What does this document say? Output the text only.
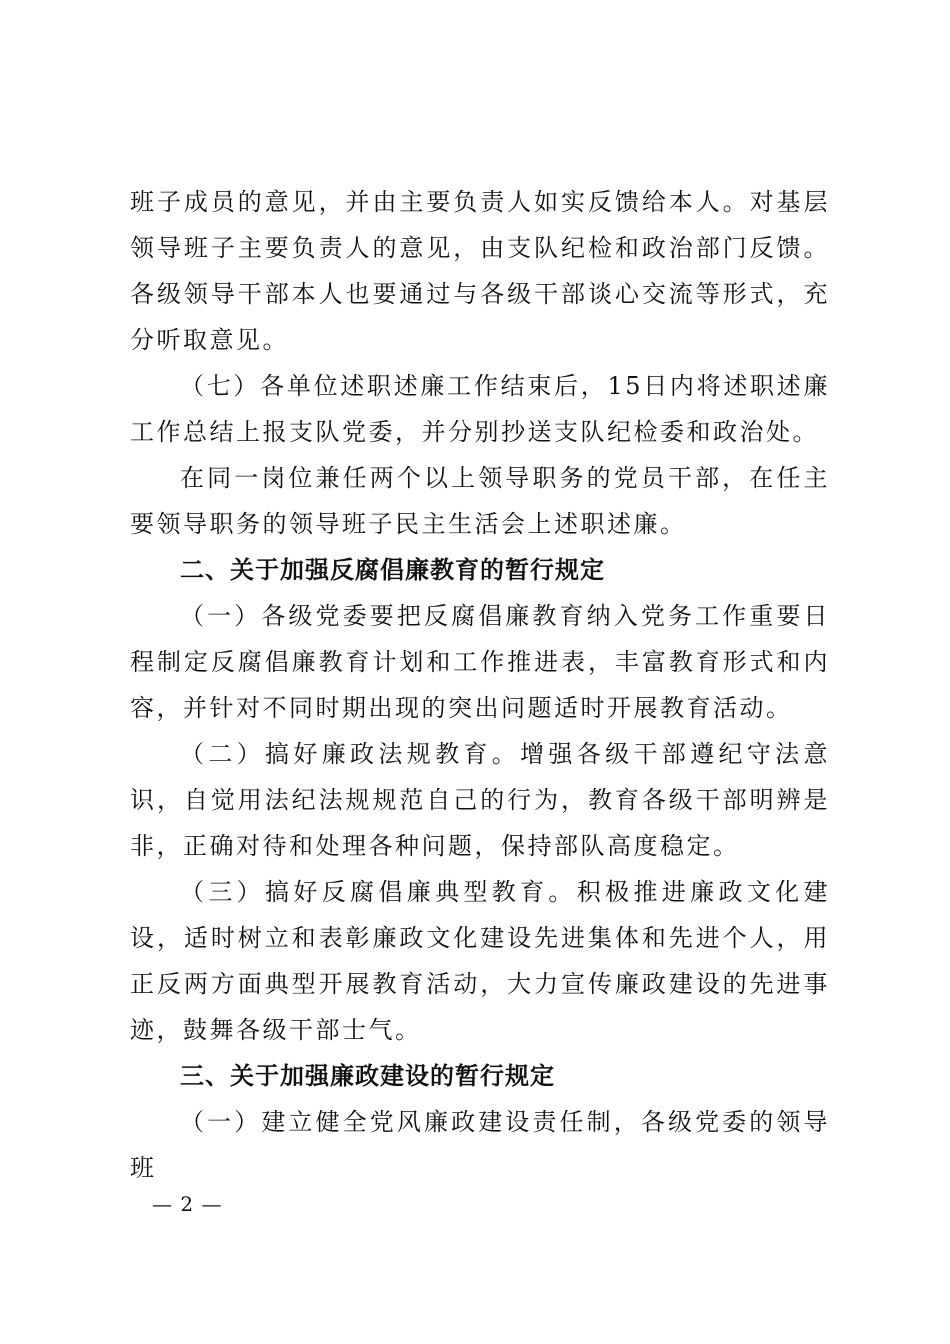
班子成员的意见，并由主要负责人如实反馈给本人。对基层领导班子主要负责人的意见，由支队纪检和政治部门反馈。各级领导干部本人也要通过与各级干部谈心交流等形式，充分听取意见。

（七）各单位述职述廉工作结束后，15日内将述职述廉工作总结上报支队党委，并分别抄送支队纪检委和政治处。

在同一岗位兼任两个以上领导职务的党员干部，在任主要领导职务的领导班子民主生活会上述职述廉。

二、关于加强反腐倡廉教育的暂行规定

（一）各级党委要把反腐倡廉教育纳入党务工作重要日程制定反腐倡廉教育计划和工作推进表，丰富教育形式和内容，并针对不同时期出现的突出问题适时开展教育活动。

（二）搞好廉政法规教育。增强各级干部遵纪守法意识，自觉用法纪法规规范自己的行为，教育各级干部明辨是非，正确对待和处理各种问题，保持部队高度稳定。

（三）搞好反腐倡廉典型教育。积极推进廉政文化建设，适时树立和表彰廉政文化建设先进集体和先进个人，用正反两方面典型开展教育活动，大力宣传廉政建设的先进事迹，鼓舞各级干部士气。

三、关于加强廉政建设的暂行规定

（一）建立健全党风廉政建设责任制，各级党委的领导班

— 2 —
